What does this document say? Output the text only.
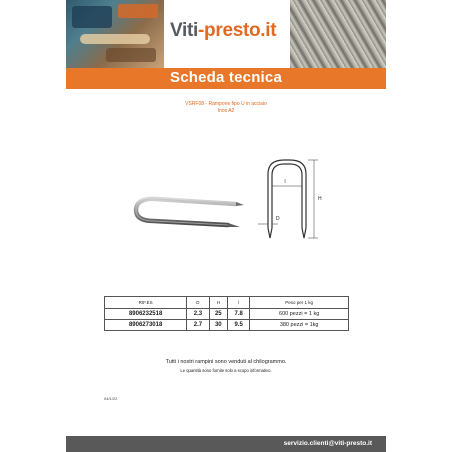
Viti-presto.it
Scheda tecnica
VSRF08 - Rampone fipo U in acciaio
Inox A2
l
H
D
RIF.ES	D	H	l	Peso per 1 kg
8906232518	2.3	25	7.8	600 pezzi = 1 kg
8906273018	2.7	30	9.5	380 pezzi = 1kg
Tutti i nostri rampini sono venduti al chilogrammo.
Le quantità sono fornite solo a scopo informativo.
04/1/22
servizio.clienti@viti-presto.it
